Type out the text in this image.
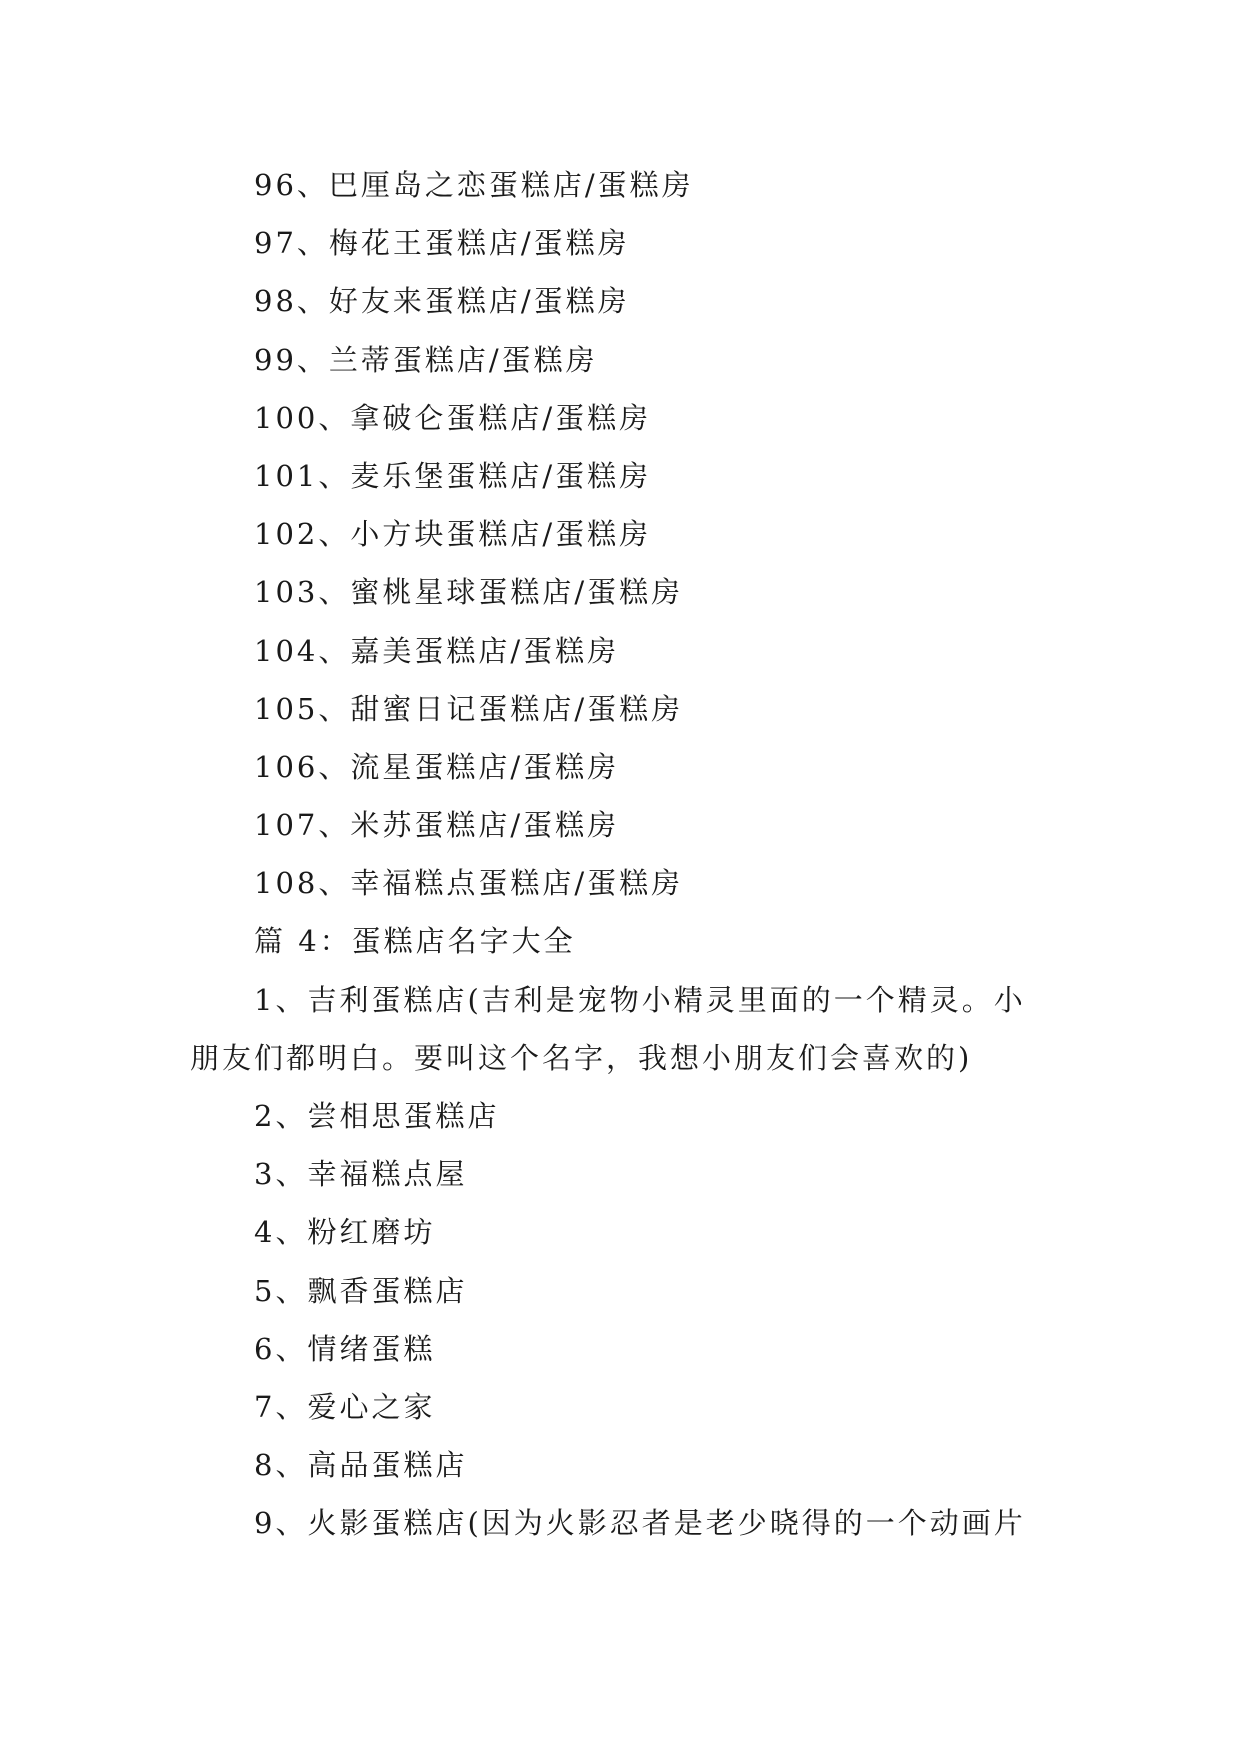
96、巴厘岛之恋蛋糕店/蛋糕房
97、梅花王蛋糕店/蛋糕房
98、好友来蛋糕店/蛋糕房
99、兰蒂蛋糕店/蛋糕房
100、拿破仑蛋糕店/蛋糕房
101、麦乐堡蛋糕店/蛋糕房
102、小方块蛋糕店/蛋糕房
103、蜜桃星球蛋糕店/蛋糕房
104、嘉美蛋糕店/蛋糕房
105、甜蜜日记蛋糕店/蛋糕房
106、流星蛋糕店/蛋糕房
107、米苏蛋糕店/蛋糕房
108、幸福糕点蛋糕店/蛋糕房
篇 4：蛋糕店名字大全
1、吉利蛋糕店(吉利是宠物小精灵里面的一个精灵。小朋友们都明白。要叫这个名字，我想小朋友们会喜欢的)
2、尝相思蛋糕店
3、幸福糕点屋
4、粉红磨坊
5、飘香蛋糕店
6、情绪蛋糕
7、爱心之家
8、高品蛋糕店
9、火影蛋糕店(因为火影忍者是老少晓得的一个动画片
